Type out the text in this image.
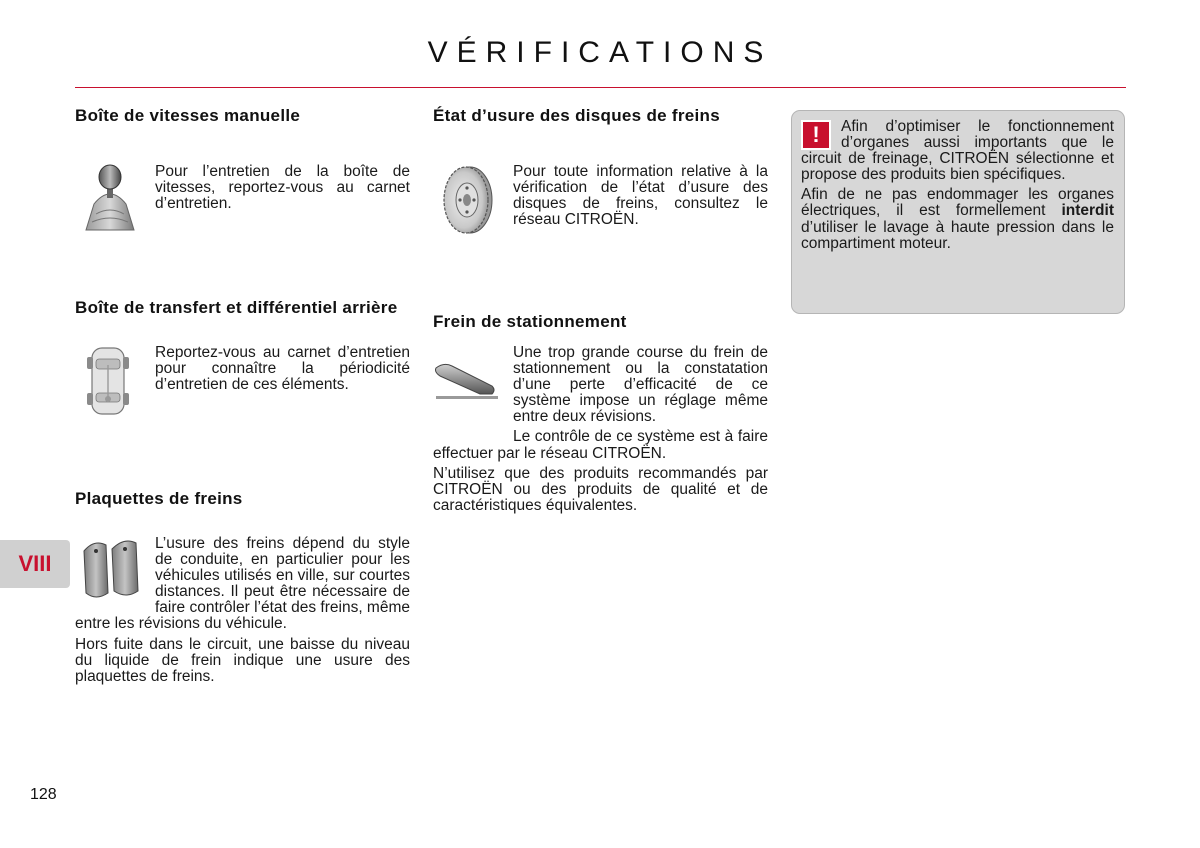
VÉRIFICATIONS
Boîte de vitesses manuelle

Pour l’entretien de la boîte de vitesses, reportez-vous au carnet d’entretien.

Boîte de transfert et différentiel arrière

Reportez-vous au carnet d’entretien pour connaître la périodicité d’entretien de ces éléments.

Plaquettes de freins

L’usure des freins dépend du style de conduite, en particulier pour les véhicules utilisés en ville, sur courtes distances. Il peut être nécessaire de faire contrôler l’état des freins, même entre les révisions du véhicule.

Hors fuite dans le circuit, une baisse du niveau du liquide de frein indique une usure des plaquettes de freins.

VIII
128
État d’usure des disques de freins

Pour toute information relative à la vérification de l’état d’usure des disques de freins, consultez le réseau CITROËN.

Frein de stationnement

Une trop grande course du frein de stationnement ou la constatation d’une perte d’efficacité de ce système impose un réglage même entre deux révisions.

Le contrôle de ce système est à faire effectuer par le réseau CITROËN.

N’utilisez que des produits recommandés par CITROËN ou des produits de qualité et de caractéristiques équivalentes.

!	Afin d’optimiser le fonctionnement d’organes aussi importants que le circuit de freinage, CITROËN sélectionne et propose des produits bien spécifiques.

Afin de ne pas endommager les organes électriques, il est formellement interdit d’utiliser le lavage à haute pression dans le compartiment moteur.
